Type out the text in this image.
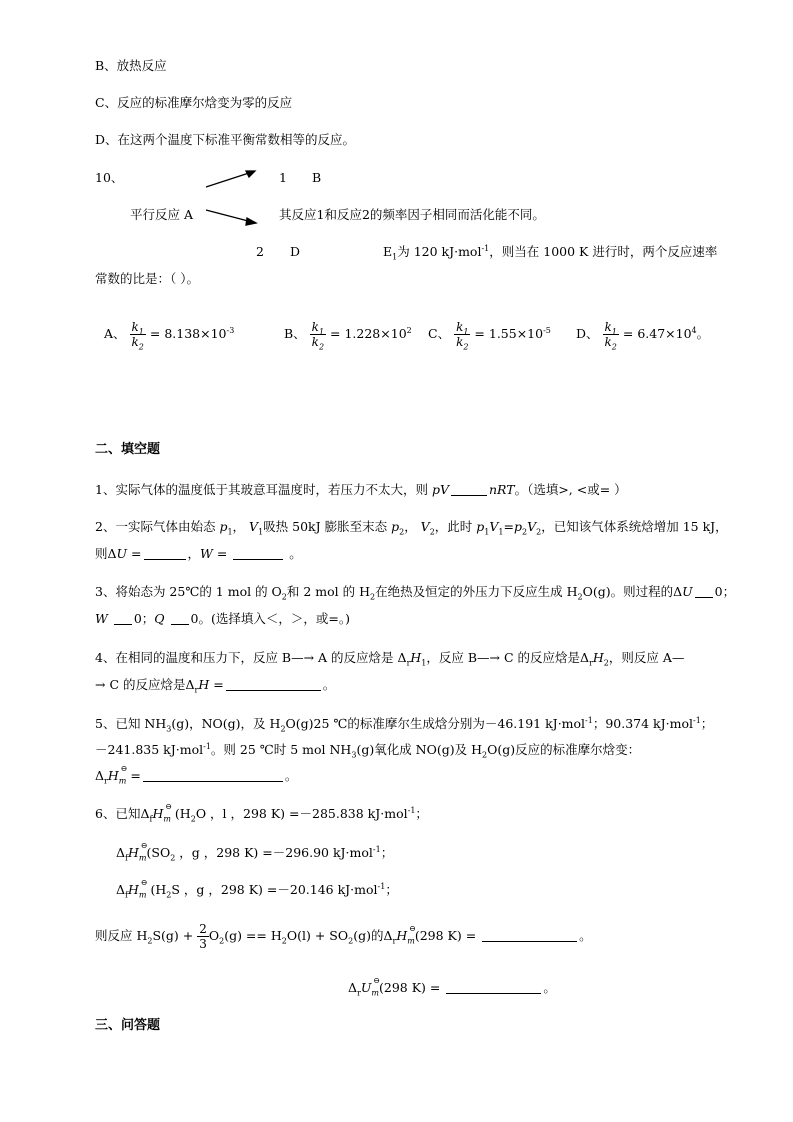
B、放热反应
C、反应的标准摩尔焓变为零的反应
D、在这两个温度下标准平衡常数相等的反应。
10、	1 B
平行反应 A	其反应1和反应2的频率因子相同而活化能不同。
2 D	$E_1$为 120 kJ·mol$^{-1}$，则当在 1000 K 进行时，两个反应速率
常数的比是：（ ）。
A、 $\frac{k_1}{k_2} = 8.138\times 10^{-3}$	B、 $\frac{k_1}{k_2} = 1.228\times 10^2$ C、 $\frac{k_1}{k_2} = 1.55\times 10^{-5}$ D、 $\frac{k_1}{k_2} = 6.47\times 10^4$。
二、填空题
1、实际气体的温度低于其玻意耳温度时，若压力不太大，则 pV	nRT。（选填>, <或= ）
2、一实际气体由始态 $p_1$， $V_1$吸热 50kJ 膨胀至末态 $p_2$， $V_2$，此时 $p_1V_1=p_2V_2$，已知该气体系统焓增加 15 kJ，
则ΔU =	，W =	。
3、将始态为 25℃的 1 mol 的 $O_2$和 2 mol 的 $H_2$在绝热及恒定的外压力下反应生成 $H_2O(g)$。则过程的ΔU 0；
W 0；Q 0。(选择填入＜，＞，或=。)
4、在相同的温度和压力下，反应 B—→ A 的反应焓是 $\Delta_rH_1$，反应 B—→ C 的反应焓是$\Delta_rH_2$，则反应 A—
→ C 的反应焓是$\Delta_rH$ =	。
5、已知 $NH_3(g)$，NO(g)，及 $H_2O(g)25$ ℃的标准摩尔生成焓分别为－46.191 kJ·mol$^{-1}$；90.374 kJ·mol$^{-1}$；
－241.835 kJ·mol$^{-1}$。则 25 ℃时 5 mol $NH_3(g)$氧化成 NO(g)及 $H_2O(g)$反应的标准摩尔焓变：
$\Delta_rH_m$
⊖ =	。
6、已知$\Delta_fH_m$
⊖ ($H_2O$ ，l ，298 K) =－285.838 kJ·mol$^{-1}$；
$\Delta_fH_m$
⊖ ($SO_2$ ，g ，298 K) =－296.90 kJ·mol$^{-1}$；
$\Delta_fH_m$
⊖ ($H_2S$ ，g ，298 K) =－20.146 kJ·mol$^{-1}$；
则反应 $H_2S(g) + \frac{2}{3} O_2(g) == H_2O(l) + SO_2(g)$的$\Delta_rH_m$
⊖ (298 K) =	。
$\Delta_rU_m$
⊖ (298 K) =	。
三、问答题
